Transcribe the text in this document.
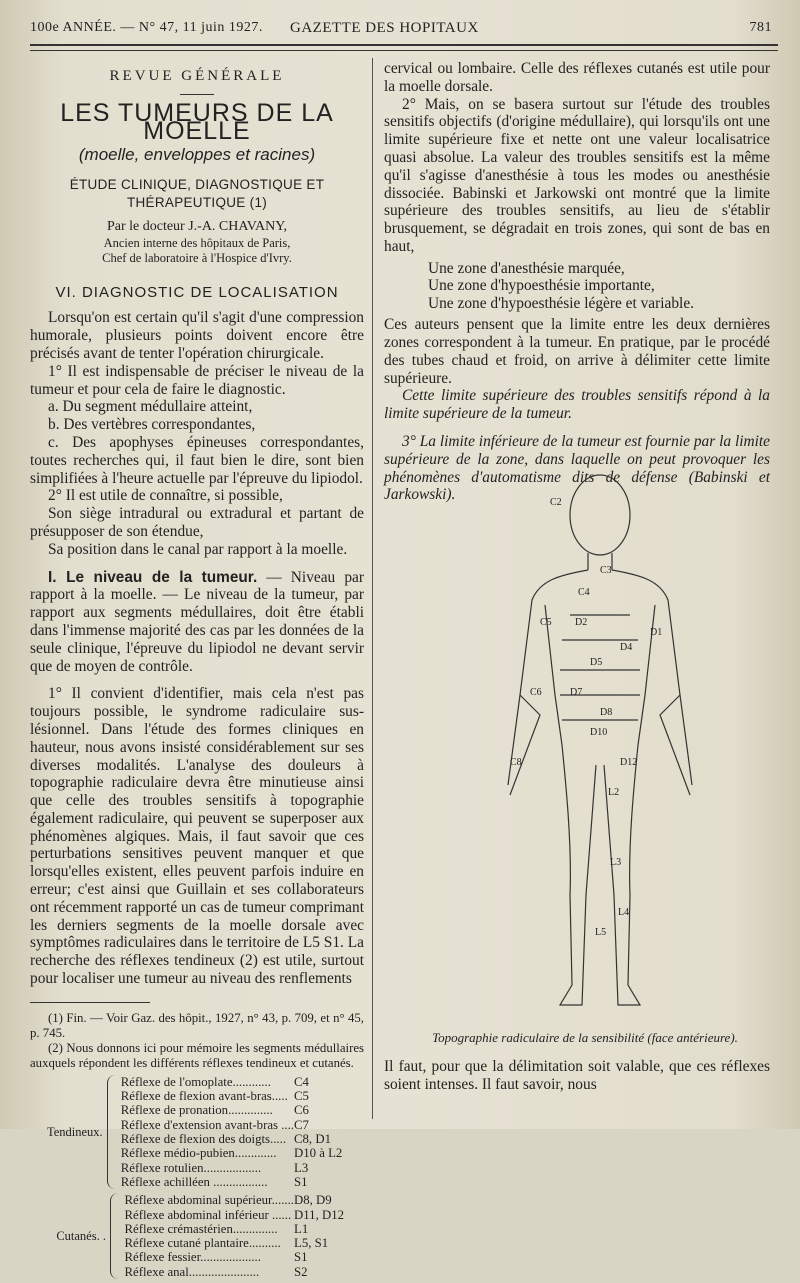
100e ANNÉE. — N° 47, 11 juin 1927. GAZETTE DES HOPITAUX	781
REVUE GÉNÉRALE
LES TUMEURS DE LA MOELLE
(moelle, enveloppes et racines)
ÉTUDE CLINIQUE, DIAGNOSTIQUE ET THÉRAPEUTIQUE (1)
Par le docteur J.-A. CHAVANY,
Ancien interne des hôpitaux de Paris,
Chef de laboratoire à l'Hospice d'Ivry.
VI. DIAGNOSTIC DE LOCALISATION

Lorsqu'on est certain qu'il s'agit d'une compression humorale, plusieurs points doivent encore être précisés avant de tenter l'opération chirurgicale.

1° Il est indispensable de préciser le niveau de la tumeur et pour cela de faire le diagnostic.

a. Du segment médullaire atteint,

b. Des vertèbres correspondantes,

c. Des apophyses épineuses correspondantes, toutes recherches qui, il faut bien le dire, sont bien simplifiées à l'heure actuelle par l'épreuve du lipiodol.

2° Il est utile de connaître, si possible,

Son siège intradural ou extradural et partant de présupposer de son étendue,

Sa position dans le canal par rapport à la moelle.

I. Le niveau de la tumeur. — Niveau par rapport à la moelle. — Le niveau de la tumeur, par rapport aux segments médullaires, doit être établi dans l'immense majorité des cas par les données de la seule clinique, l'épreuve du lipiodol ne devant servir que de moyen de contrôle.

1° Il convient d'identifier, mais cela n'est pas toujours possible, le syndrome radiculaire sus-lésionnel. Dans l'étude des formes cliniques en hauteur, nous avons insisté considérablement sur ses diverses modalités. L'analyse des douleurs à topographie radiculaire devra être minutieuse ainsi que celle des troubles sensitifs à topographie également radiculaire, qui peuvent se superposer aux phénomènes algiques. Mais, il faut savoir que ces perturbations sensitives peuvent manquer et que lorsqu'elles existent, elles peuvent parfois induire en erreur; c'est ainsi que Guillain et ses collaborateurs ont récemment rapporté un cas de tumeur comprimant les derniers segments de la moelle dorsale avec symptômes radiculaires dans le territoire de L5 S1. La recherche des réflexes tendineux (2) est utile, surtout pour localiser une tumeur au niveau des renflements

(1) Fin. — Voir Gaz. des hôpit., 1927, n° 43, p. 709, et n° 45, p. 745.

(2) Nous donnons ici pour mémoire les segments médullaires auxquels répondent les différents réflexes tendineux et cutanés.

Tendineux.
Réflexe de l'omoplate............	C4
Réflexe de flexion avant-bras..... C5
Réflexe de pronation..............	C6
Réflexe d'extension avant-bras .... C7
Réflexe de flexion des doigts..... C8, D1
Réflexe médio-pubien.............	D10 à L2
Réflexe rotulien..................	L3
Réflexe achilléen .................	S1
Cutanés. .
Réflexe abdominal supérieur....... D8, D9
Réflexe abdominal inférieur ...... D11, D12
Réflexe crémastérien..............	L1
Réflexe cutané plantaire..........	L5, S1
Réflexe fessier...................	S1
Réflexe anal......................	S2

cervical ou lombaire. Celle des réflexes cutanés est utile pour la moelle dorsale.

2° Mais, on se basera surtout sur l'étude des troubles sensitifs objectifs (d'origine médullaire), qui lorsqu'ils ont une limite supérieure fixe et nette ont une valeur localisatrice quasi absolue. La valeur des troubles sensitifs est la même qu'il s'agisse d'anesthésie à tous les modes ou anesthésie dissociée. Babinski et Jarkowski ont montré que la limite supérieure des troubles sensitifs, au lieu de s'établir brusquement, se dégradait en trois zones, qui sont de bas en haut,

Une zone d'anesthésie marquée,
Une zone d'hypoesthésie importante,
Une zone d'hypoesthésie légère et variable.

Ces auteurs pensent que la limite entre les deux dernières zones correspondent à la tumeur. En pratique, par le procédé des tubes chaud et froid, on arrive à délimiter cette limite supérieure.

Cette limite supérieure des troubles sensitifs répond à la limite supérieure de la tumeur.

3° La limite inférieure de la tumeur est fournie par la limite supérieure de la zone, dans laquelle on peut provoquer les phénomènes d'automatisme dits de défense (Babinski et Jarkowski).	C2
C3
C4
D2
D4
D5
D7
D8
D10
D12
L2
L3
L4
L5
C5
C6
C8
D1
Topographie radiculaire de la sensibilité (face antérieure).
Il faut, pour que la délimitation soit valable, que ces réflexes soient intenses. Il faut savoir, nous
